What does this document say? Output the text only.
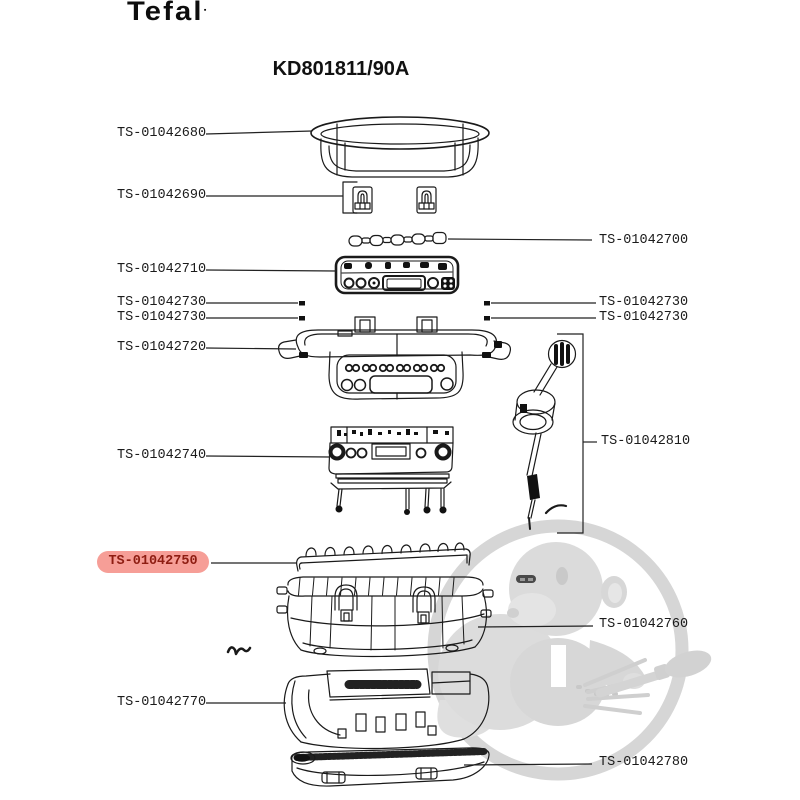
Tefal▪
KD801811/90A
TS-01042680
TS-01042690
TS-01042710
TS-01042730
TS-01042730
TS-01042720
TS-01042740
TS-01042750
TS-01042770
TS-01042700
TS-01042730
TS-01042730
TS-01042810
TS-01042760
TS-01042780
